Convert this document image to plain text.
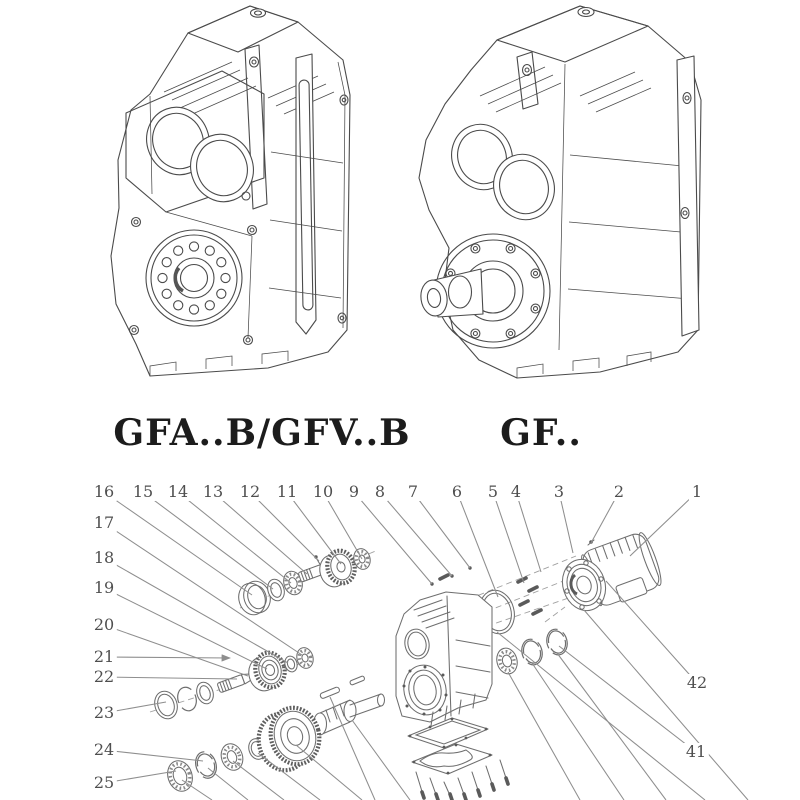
GFA..B/GFV..B GF..
1
2
3
4
5
6
7
8
9
10
11
12
13
14
15
16
17
18
19
20
21
22
23
24
25
41
42
